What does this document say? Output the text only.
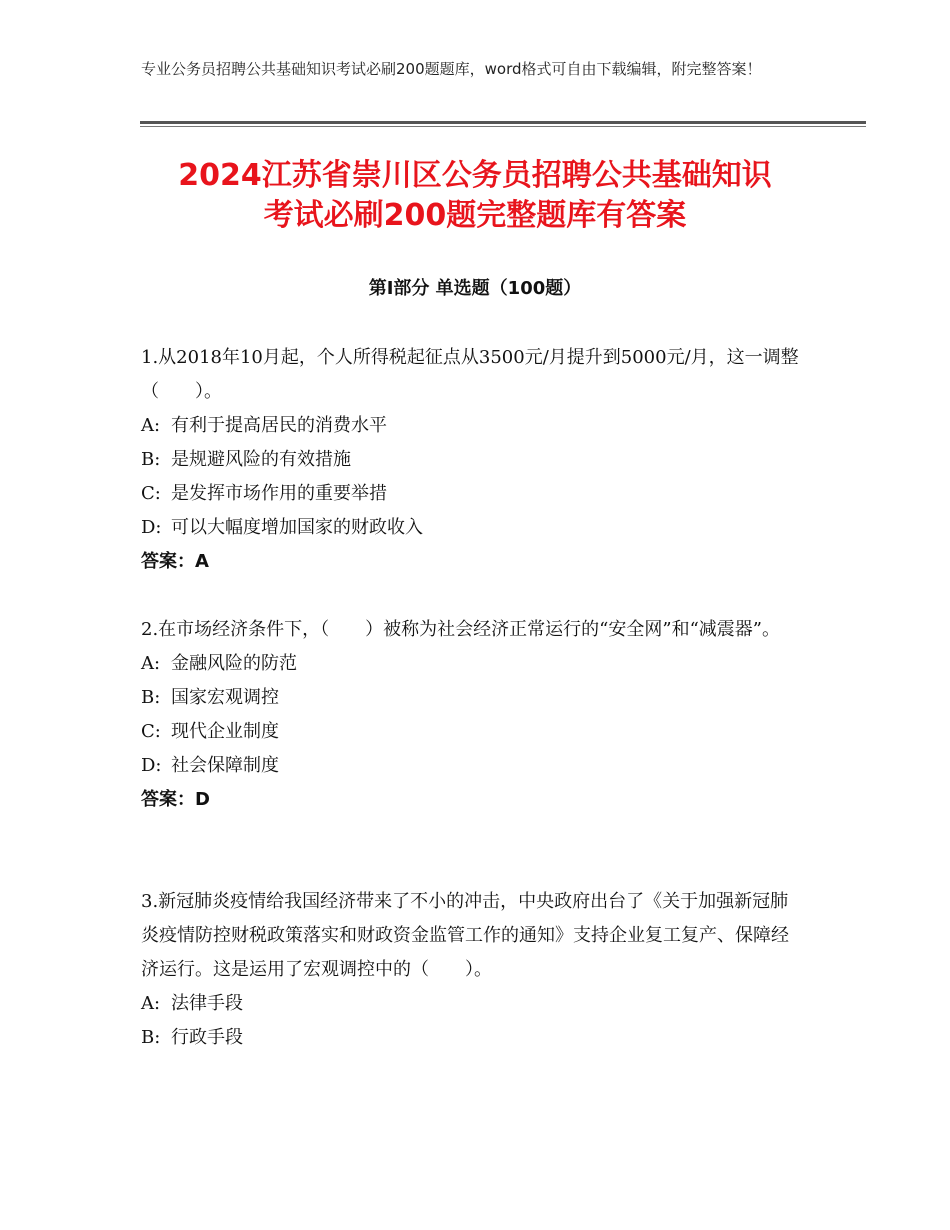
专业公务员招聘公共基础知识考试必刷200题题库，word格式可自由下载编辑，附完整答案！
2024江苏省崇川区公务员招聘公共基础知识
考试必刷200题完整题库有答案
第Ⅰ部分 单选题（100题）

1.从2018年10月起，个人所得税起征点从3500元/月提升到5000元/月，这一调整（　　）。

A: 有利于提高居民的消费水平

B: 是规避风险的有效措施

C: 是发挥市场作用的重要举措

D: 可以大幅度增加国家的财政收入

答案：A

2.在市场经济条件下，（　　）被称为社会经济正常运行的“安全网”和“减震器”。

A: 金融风险的防范

B: 国家宏观调控

C: 现代企业制度

D: 社会保障制度

答案：D

3.新冠肺炎疫情给我国经济带来了不小的冲击，中央政府出台了《关于加强新冠肺炎疫情防控财税政策落实和财政资金监管工作的通知》支持企业复工复产、保障经济运行。这是运用了宏观调控中的（　　）。

A: 法律手段

B: 行政手段
